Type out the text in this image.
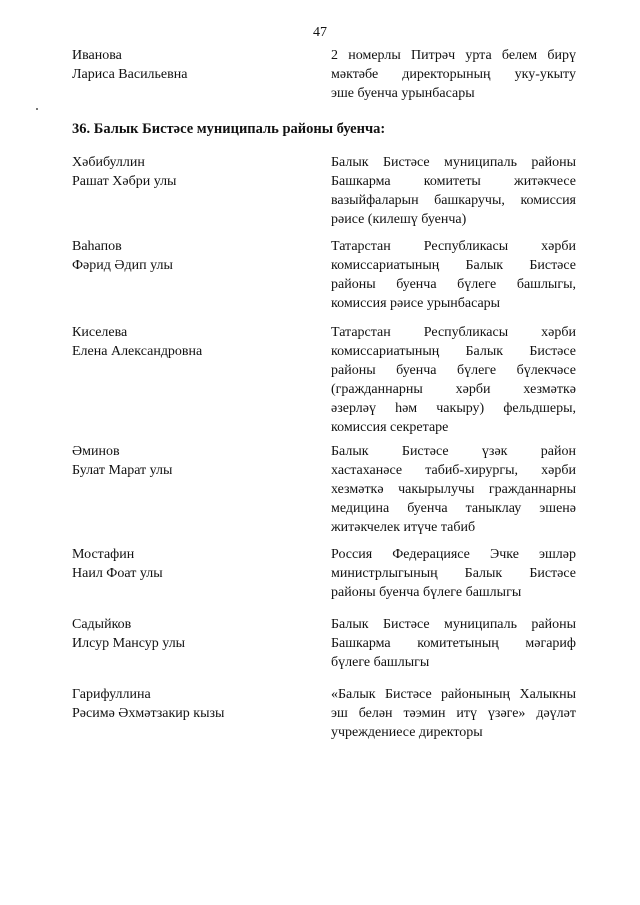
47
Иванова
Лариса Васильевна
2 номерлы Питрәч урта белем бирү
мәктәбе директорының уку-укыту
эше буенча урынбасары
36. Балык Бистәсе муниципаль районы буенча:
Хәбибуллин
Рашат Хәбри улы
Балык Бистәсе муниципаль районы
Башкарма комитеты житәкчесе
вазыйфаларын башкаручы, комиссия
рәисе (килешү буенча)
Ваһапов
Фәрид Әдип улы
Татарстан Республикасы хәрби
комиссариатының Балык Бистәсе
районы буенча бүлеге башлыгы,
комиссия рәисе урынбасары
Киселева
Елена Александровна
Татарстан Республикасы хәрби
комиссариатының Балык Бистәсе
районы буенча бүлеге бүлекчәсе
(гражданнарны хәрби хезмәткә
әзерләү һәм чакыру) фельдшеры,
комиссия секретаре
Әминов
Булат Марат улы
Балык Бистәсе үзәк район
хастаханәсе табиб-хирургы, хәрби
хезмәткә чакырылучы гражданнарны
медицина буенча таныклау эшенә
житәкчелек итүче табиб
Мостафин
Наил Фоат улы
Россия Федерациясе Эчке эшләр
министрлыгының Балык Бистәсе
районы буенча бүлеге башлыгы
Садыйков
Илсур Мансур улы
Балык Бистәсе муниципаль районы
Башкарма комитетының мәгариф
бүлеге башлыгы
Гарифуллина
Рәсимә Әхмәтзакир кызы
«Балык Бистәсе районының Халыкны
эш белән тәэмин итү үзәге» дәүләт
учреждениесе директоры
